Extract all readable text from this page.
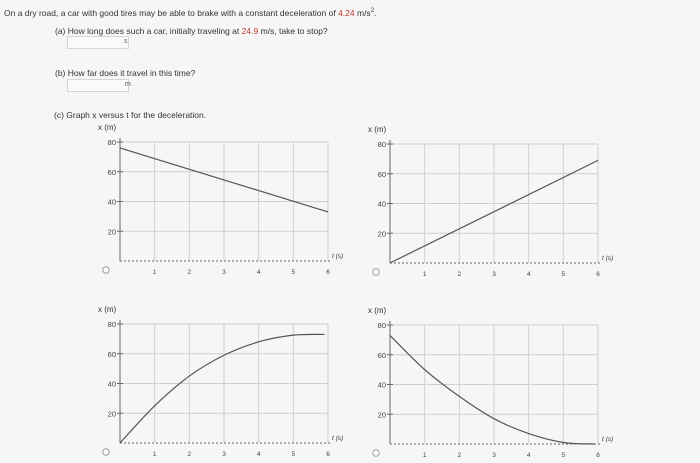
On a dry road, a car with good tires may be able to brake with a constant deceleration of 4.24 $m/s^2$.
(a) How long does such a car, initially traveling at 24.9 m/s, take to stop?
s
(b) How far does it travel in this time?
m
(c) Graph x versus t for the deceleration.
20
40
60
80
1	2	3	4	5	6
x (m)
t (s)
20
40
60
80
1	2	3	4	5	6
x (m)
t (s)
20
40
60
80
1	2	3	4	5	6
x (m)
t (s)
20
40
60
80
1	2	3	4	5	6
x (m)
t (s)
